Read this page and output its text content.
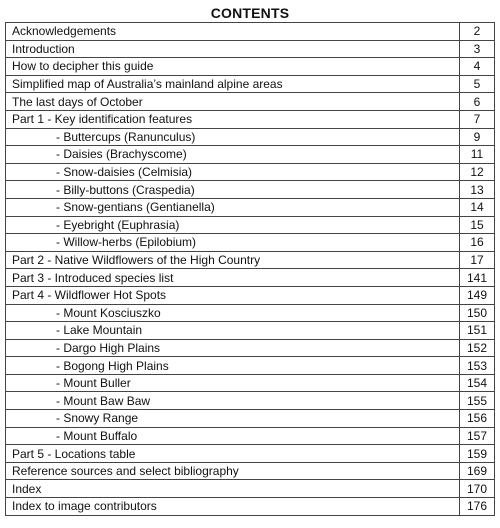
CONTENTS
Acknowledgements	2
Introduction	3
How to decipher this guide	4
Simplified map of Australia’s mainland alpine areas	5
The last days of October	6
Part 1 - Key identification features	7
- Buttercups (Ranunculus)	9
- Daisies (Brachyscome)	11
- Snow-daisies (Celmisia)	12
- Billy-buttons (Craspedia)	13
- Snow-gentians (Gentianella)	14
- Eyebright (Euphrasia)	15
- Willow-herbs (Epilobium)	16
Part 2 - Native Wildflowers of the High Country	17
Part 3 - Introduced species list	141
Part 4 - Wildflower Hot Spots	149
- Mount Kosciuszko	150
- Lake Mountain	151
- Dargo High Plains	152
- Bogong High Plains	153
- Mount Buller	154
- Mount Baw Baw	155
- Snowy Range	156
- Mount Buffalo	157
Part 5 - Locations table	159
Reference sources and select bibliography	169
Index	170
Index to image contributors	176
